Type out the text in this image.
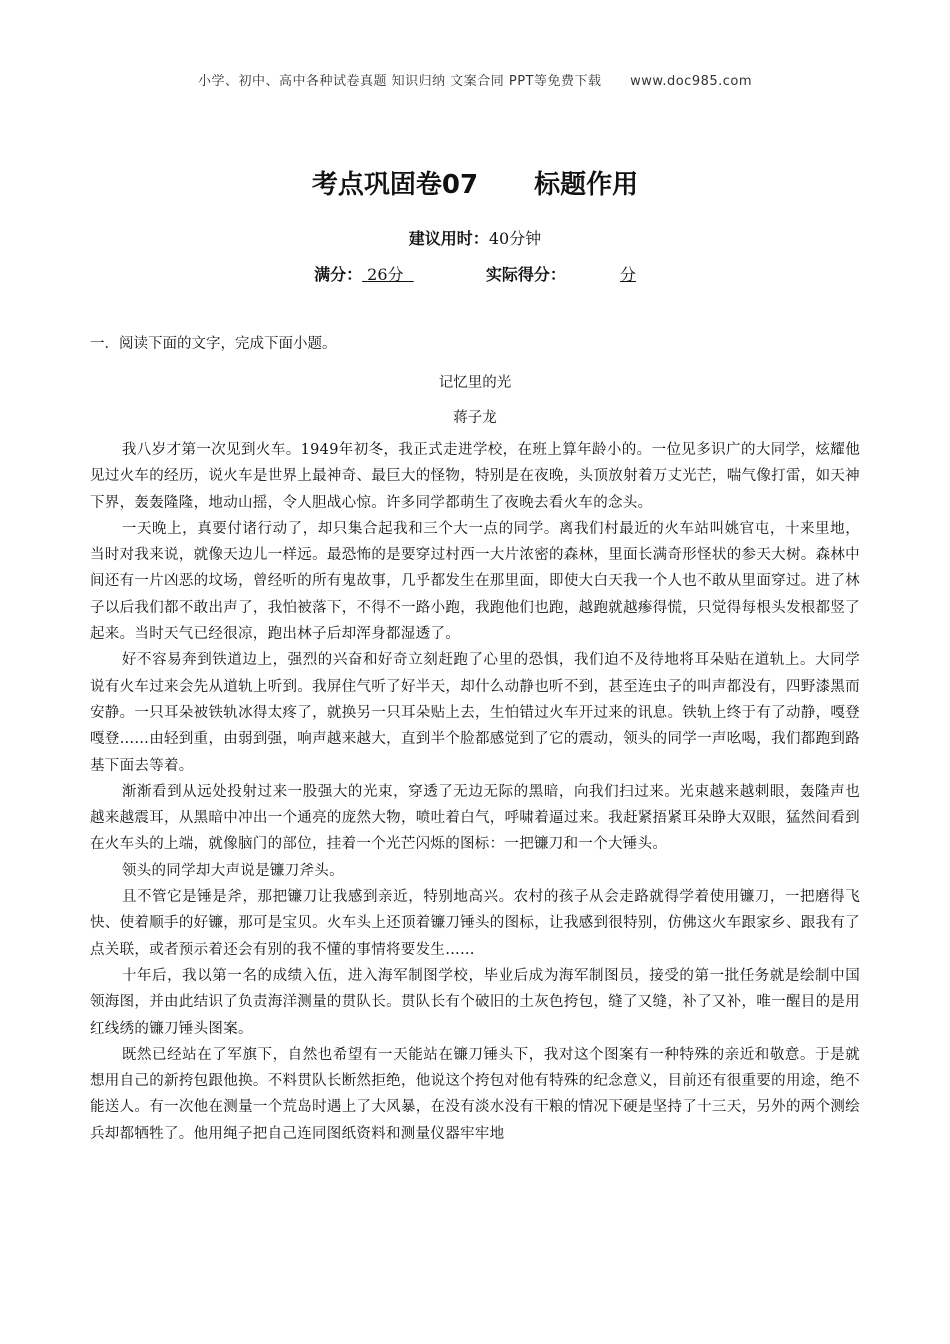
小学、初中、高中各种试卷真题 知识归纳 文案合同 PPT等免费下载 www.doc985.com
考点巩固卷07 标题作用
建议用时：40分钟
满分： 26分	实际得分：	分
一．阅读下面的文字，完成下面小题。
记忆里的光
蒋子龙

我八岁才第一次见到火车。1949年初冬，我正式走进学校，在班上算年龄小的。一位见多识广的大同学，炫耀他见过火车的经历，说火车是世界上最神奇、最巨大的怪物，特别是在夜晚，头顶放射着万丈光芒，喘气像打雷，如天神下界，轰轰隆隆，地动山摇，令人胆战心惊。许多同学都萌生了夜晚去看火车的念头。

一天晚上，真要付诸行动了，却只集合起我和三个大一点的同学。离我们村最近的火车站叫姚官屯，十来里地，当时对我来说，就像天边儿一样远。最恐怖的是要穿过村西一大片浓密的森林，里面长满奇形怪状的参天大树。森林中间还有一片凶恶的坟场，曾经听的所有鬼故事，几乎都发生在那里面，即使大白天我一个人也不敢从里面穿过。进了林子以后我们都不敢出声了，我怕被落下，不得不一路小跑，我跑他们也跑，越跑就越瘆得慌，只觉得每根头发根都竖了起来。当时天气已经很凉，跑出林子后却浑身都湿透了。

好不容易奔到铁道边上，强烈的兴奋和好奇立刻赶跑了心里的恐惧，我们迫不及待地将耳朵贴在道轨上。大同学说有火车过来会先从道轨上听到。我屏住气听了好半天，却什么动静也听不到，甚至连虫子的叫声都没有，四野漆黑而安静。一只耳朵被铁轨冰得太疼了，就换另一只耳朵贴上去，生怕错过火车开过来的讯息。铁轨上终于有了动静，嘎登嘎登……由轻到重，由弱到强，响声越来越大，直到半个脸都感觉到了它的震动，领头的同学一声吆喝，我们都跑到路基下面去等着。

渐渐看到从远处投射过来一股强大的光束，穿透了无边无际的黑暗，向我们扫过来。光束越来越刺眼，轰隆声也越来越震耳，从黑暗中冲出一个通亮的庞然大物，喷吐着白气，呼啸着逼过来。我赶紧捂紧耳朵睁大双眼，猛然间看到在火车头的上端，就像脑门的部位，挂着一个光芒闪烁的图标：一把镰刀和一个大锤头。

领头的同学却大声说是镰刀斧头。

且不管它是锤是斧，那把镰刀让我感到亲近，特别地高兴。农村的孩子从会走路就得学着使用镰刀，一把磨得飞快、使着顺手的好镰，那可是宝贝。火车头上还顶着镰刀锤头的图标，让我感到很特别，仿佛这火车跟家乡、跟我有了点关联，或者预示着还会有别的我不懂的事情将要发生……

十年后，我以第一名的成绩入伍，进入海军制图学校，毕业后成为海军制图员，接受的第一批任务就是绘制中国领海图，并由此结识了负责海洋测量的贯队长。贯队长有个破旧的土灰色挎包，缝了又缝，补了又补，唯一醒目的是用红线绣的镰刀锤头图案。

既然已经站在了军旗下，自然也希望有一天能站在镰刀锤头下，我对这个图案有一种特殊的亲近和敬意。于是就想用自己的新挎包跟他换。不料贯队长断然拒绝，他说这个挎包对他有特殊的纪念意义，目前还有很重要的用途，绝不能送人。有一次他在测量一个荒岛时遇上了大风暴，在没有淡水没有干粮的情况下硬是坚持了十三天，另外的两个测绘兵却都牺牲了。他用绳子把自己连同图纸资料和测量仪器牢牢地
